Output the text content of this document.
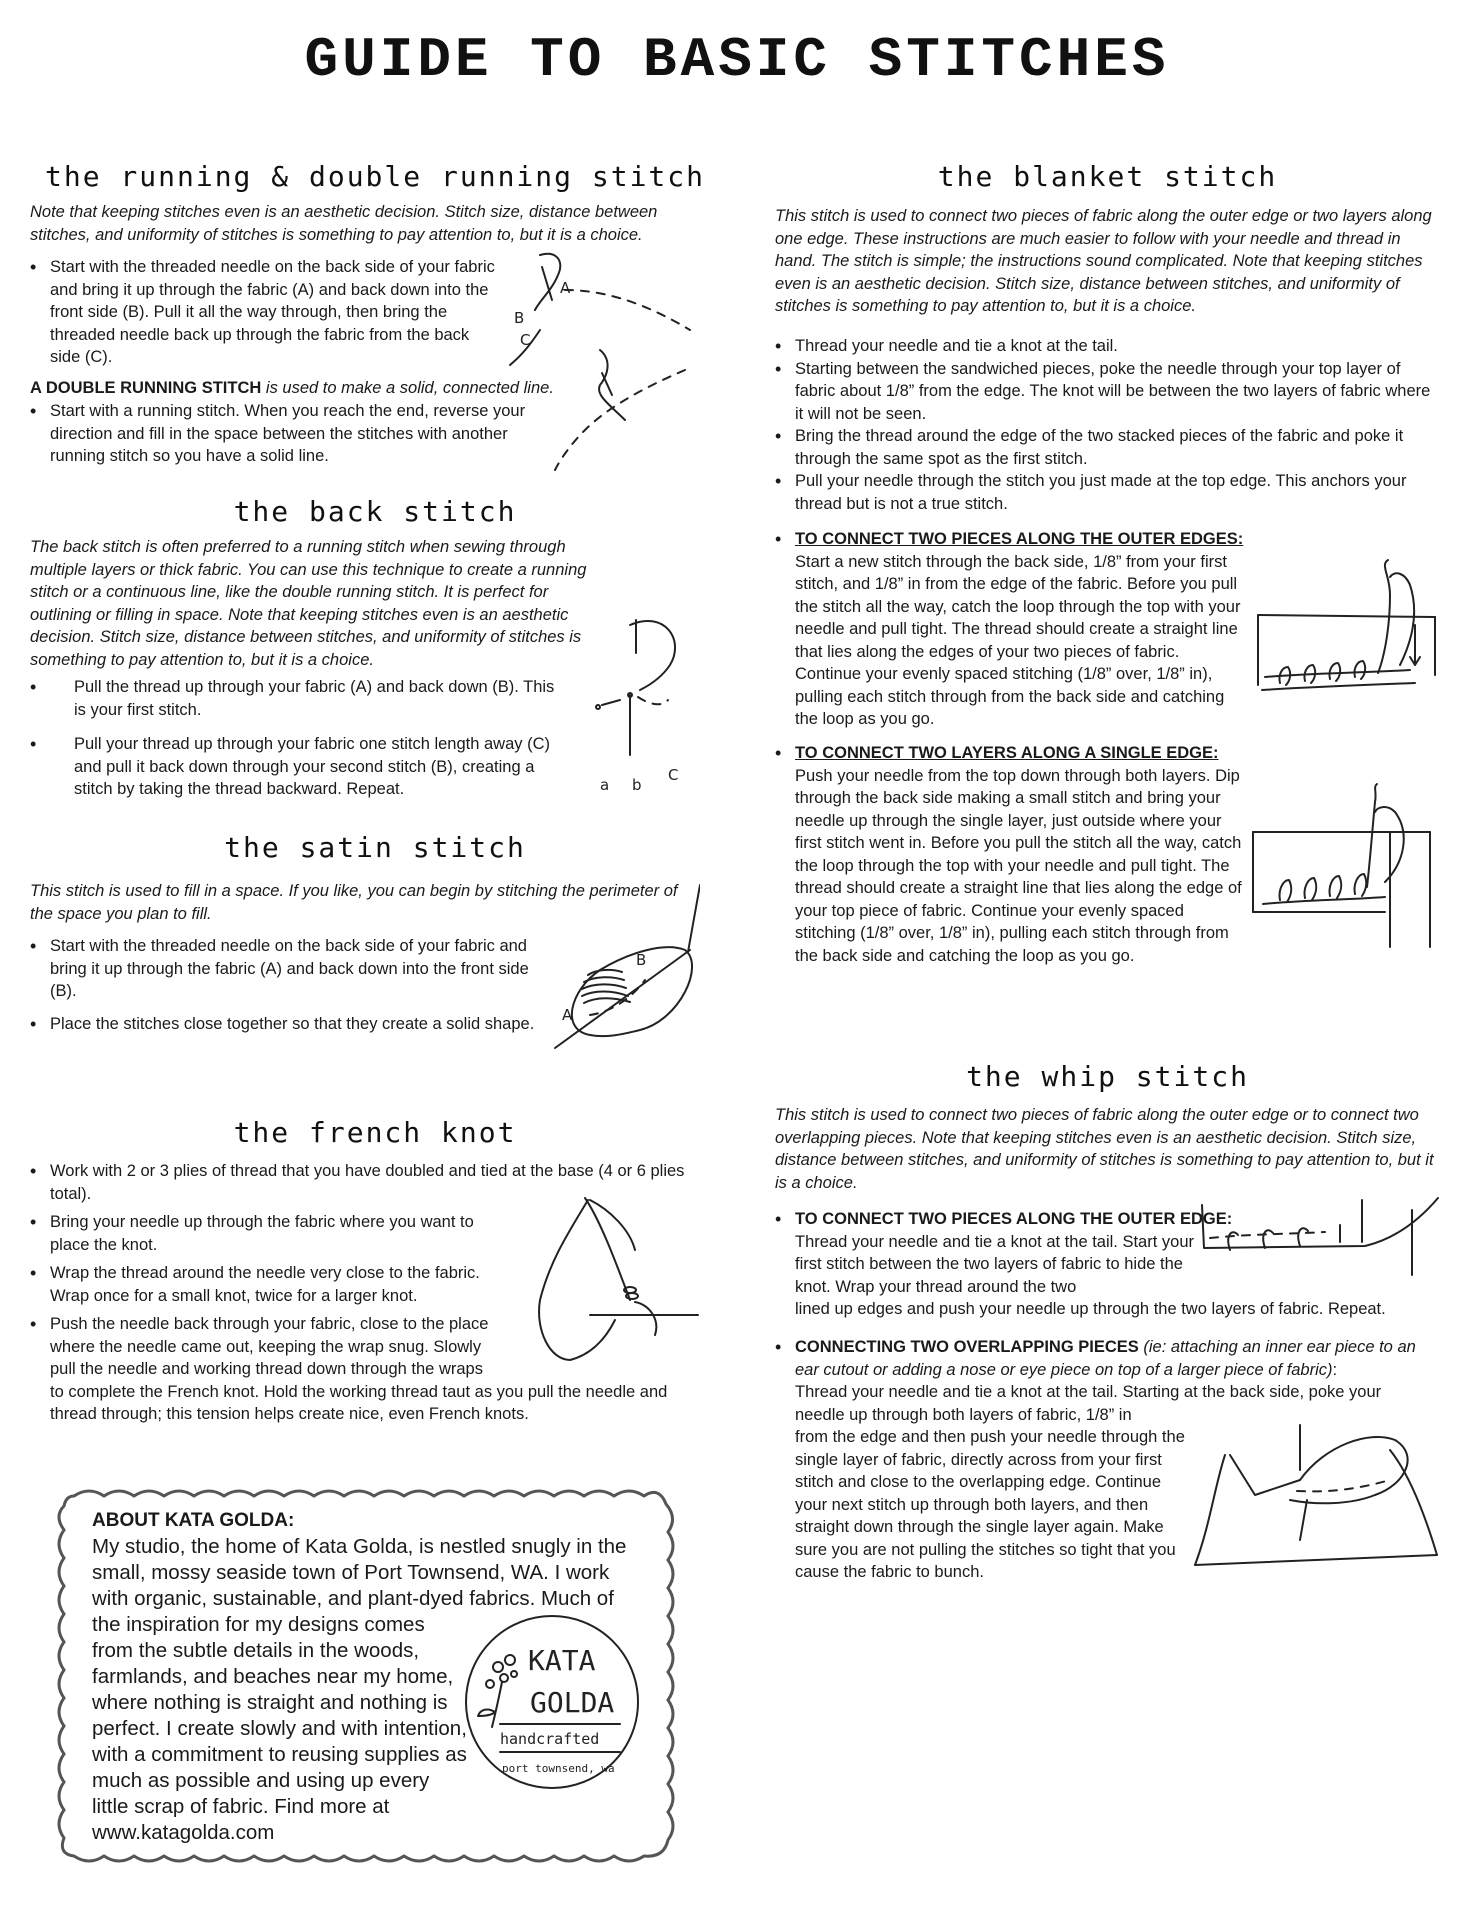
GUIDE TO BASIC STITCHES
the running & double running stitch
Note that keeping stitches even is an aesthetic decision. Stitch size, distance between stitches, and uniformity of stitches is something to pay attention to, but it is a choice.
• Start with the threaded needle on the back side of your fabric and bring it up through the fabric (A) and back down into the front side (B). Pull it all the way through, then bring the threaded needle back up through the fabric from the back side (C).
A DOUBLE RUNNING STITCH is used to make a solid, connected line.
• Start with a running stitch. When you reach the end, reverse your direction and fill in the space between the stitches with another running stitch so you have a solid line.
A
B
C
the back stitch
The back stitch is often preferred to a running stitch when sewing through multiple layers or thick fabric. You can use this technique to create a running stitch or a continuous line, like the double running stitch. It is perfect for outlining or filling in space. Note that keeping stitches even is an aesthetic decision. Stitch size, distance between stitches, and uniformity of stitches is something to pay attention to, but it is a choice.
• Pull the thread up through your fabric (A) and back down (B). This is your first stitch.
• Pull your thread up through your fabric one stitch length away (C) and pull it back down through your second stitch (B), creating a stitch by taking the thread backward. Repeat.	a b
C
the satin stitch
This stitch is used to fill in a space. If you like, you can begin by stitching the perimeter of the space you plan to fill.
• Start with the threaded needle on the back side of your fabric and bring it up through the fabric (A) and back down into the front side (B).
• Place the stitches close together so that they create a solid shape.	A
B
the french knot
• Work with 2 or 3 plies of thread that you have doubled and tied at the base (4 or 6 plies total).
• Bring your needle up through the fabric where you want to place the knot.
• Wrap the thread around the needle very close to the fabric. Wrap once for a small knot, twice for a larger knot.
• Push the needle back through your fabric, close to the place where the needle came out, keeping the wrap snug. Slowly pull the needle and working thread down through the wraps
to complete the French knot. Hold the working thread taut as you pull the needle and thread through; this tension helps create nice, even French knots.
ABOUT KATA GOLDA:
My studio, the home of Kata Golda, is nestled snugly in the small, mossy seaside town of Port Townsend, WA. I work with organic, sustainable, and plant-dyed fabrics. Much of
the inspiration for my designs comes from the subtle details in the woods, farmlands, and beaches near my home, where nothing is straight and nothing is perfect. I create slowly and with intention, with a commitment to reusing supplies as much as possible and using up every little scrap of fabric. Find more at www.katagolda.com
KATA
GOLDA
handcrafted
port townsend, wa
the blanket stitch
This stitch is used to connect two pieces of fabric along the outer edge or two layers along one edge. These instructions are much easier to follow with your needle and thread in hand. The stitch is simple; the instructions sound complicated. Note that keeping stitches even is an aesthetic decision. Stitch size, distance between stitches, and uniformity of stitches is something to pay attention to, but it is a choice.
• Thread your needle and tie a knot at the tail.
• Starting between the sandwiched pieces, poke the needle through your top layer of fabric about 1/8” from the edge. The knot will be between the two layers of fabric where it will not be seen.
• Bring the thread around the edge of the two stacked pieces of the fabric and poke it through the same spot as the first stitch.
• Pull your needle through the stitch you just made at the top edge. This anchors your thread but is not a true stitch.
• TO CONNECT TWO PIECES ALONG THE OUTER EDGES:
Start a new stitch through the back side, 1/8” from your first stitch, and 1/8” in from the edge of the fabric. Before you pull the stitch all the way, catch the loop through the top with your needle and pull tight. The thread should create a straight line that lies along the edges of your two pieces of fabric. Continue your evenly spaced stitching (1/8” over, 1/8” in), pulling each stitch through from the back side and catching the loop as you go.
• TO CONNECT TWO LAYERS ALONG A SINGLE EDGE:
Push your needle from the top down through both layers. Dip through the back side making a small stitch and bring your needle up through the single layer, just outside where your first stitch went in. Before you pull the stitch all the way, catch the loop through the top with your needle and pull tight. The thread should create a straight line that lies along the edge of your top piece of fabric. Continue your evenly spaced stitching (1/8” over, 1/8” in), pulling each stitch through from the back side and catching the loop as you go.
the whip stitch
This stitch is used to connect two pieces of fabric along the outer edge or to connect two overlapping pieces. Note that keeping stitches even is an aesthetic decision. Stitch size, distance between stitches, and uniformity of stitches is something to pay attention to, but it is a choice.
• TO CONNECT TWO PIECES ALONG THE OUTER EDGE:
Thread your needle and tie a knot at the tail. Start your first stitch between the two layers of fabric to hide the knot. Wrap your thread around the two
lined up edges and push your needle up through the two layers of fabric. Repeat.
• CONNECTING TWO OVERLAPPING PIECES (ie: attaching an inner ear piece to an ear cutout or adding a nose or eye piece on top of a larger piece of fabric):
Thread your needle and tie a knot at the tail. Starting at the back side, poke your needle up through both layers of fabric, 1/8” in
from the edge and then push your needle through the single layer of fabric, directly across from your first stitch and close to the overlapping edge. Continue your next stitch up through both layers, and then straight down through the single layer again. Make sure you are not pulling the stitches so tight that you cause the fabric to bunch.
